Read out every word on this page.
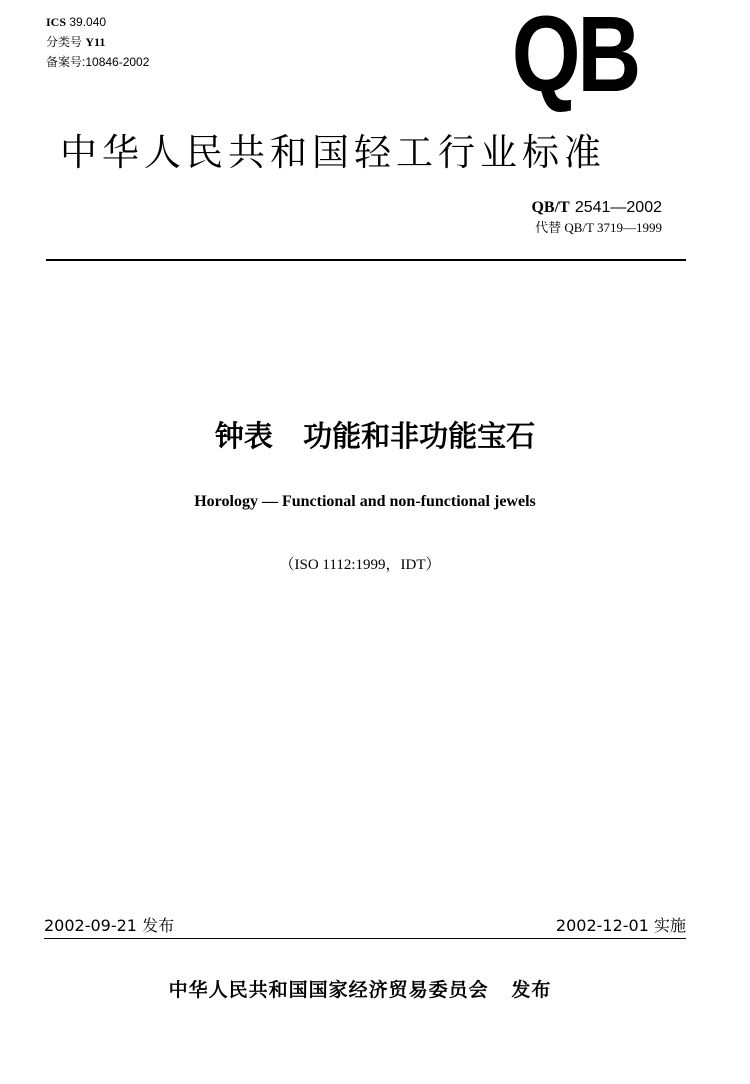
ICS 39.040
分类号 Y11
备案号:10846-2002	QB
中华人民共和国轻工行业标准
QB/T 2541—2002
代替 QB/T 3719—1999
钟表   功能和非功能宝石
Horology — Functional and non-functional jewels
（ISO 1112:1999，IDT）
2002-09-21 发布	2002-12-01 实施
中华人民共和国国家经济贸易委员会   发布
